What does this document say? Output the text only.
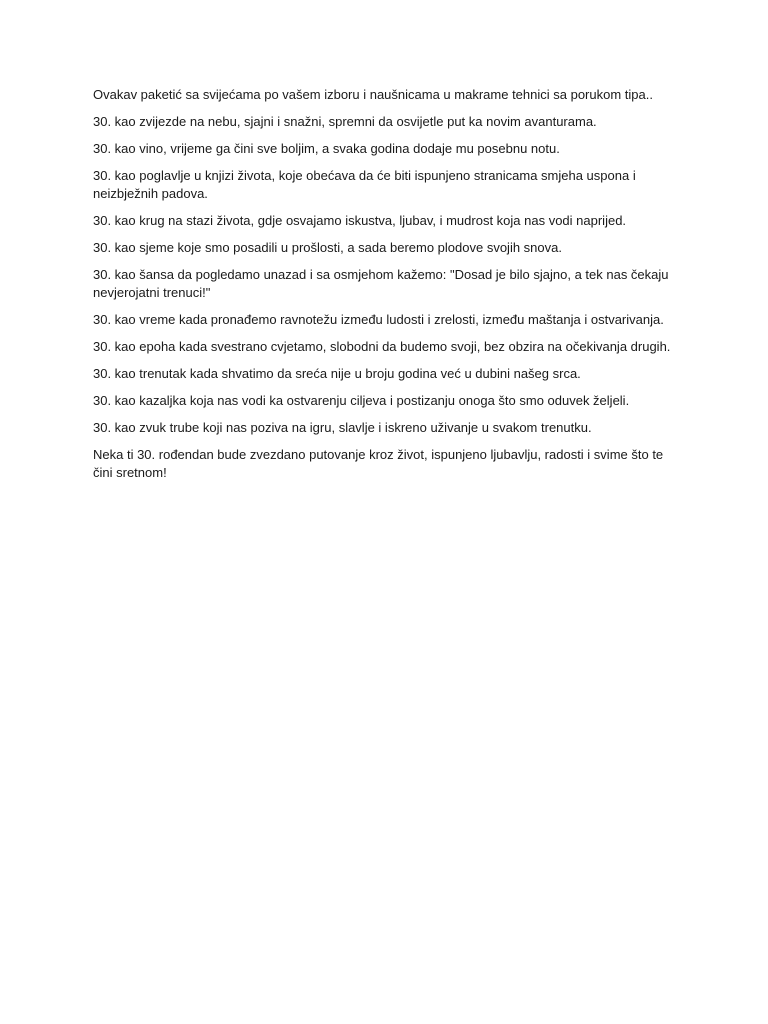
Ovakav paketić sa svijećama po vašem izboru i naušnicama u makrame tehnici sa porukom tipa..

30. kao zvijezde na nebu, sjajni i snažni, spremni da osvijetle put ka novim avanturama.

30. kao vino, vrijeme ga čini sve boljim, a svaka godina dodaje mu posebnu notu.

30. kao poglavlje u knjizi života, koje obećava da će biti ispunjeno stranicama smjeha uspona i neizbježnih padova.

30. kao krug na stazi života, gdje osvajamo iskustva, ljubav, i mudrost koja nas vodi naprijed.

30. kao sjeme koje smo posadili u prošlosti, a sada beremo plodove svojih snova.

30. kao šansa da pogledamo unazad i sa osmjehom kažemo: "Dosad je bilo sjajno, a tek nas čekaju nevjerojatni trenuci!"

30. kao vreme kada pronađemo ravnotežu između ludosti i zrelosti, između maštanja i ostvarivanja.

30. kao epoha kada svestrano cvjetamo, slobodni da budemo svoji, bez obzira na očekivanja drugih.

30. kao trenutak kada shvatimo da sreća nije u broju godina već u dubini našeg srca.

30. kao kazaljka koja nas vodi ka ostvarenju ciljeva i postizanju onoga što smo oduvek željeli.

30. kao zvuk trube koji nas poziva na igru, slavlje i iskreno uživanje u svakom trenutku.

Neka ti 30. rođendan bude zvezdano putovanje kroz život, ispunjeno ljubavlju, radosti i svime što te čini sretnom!
